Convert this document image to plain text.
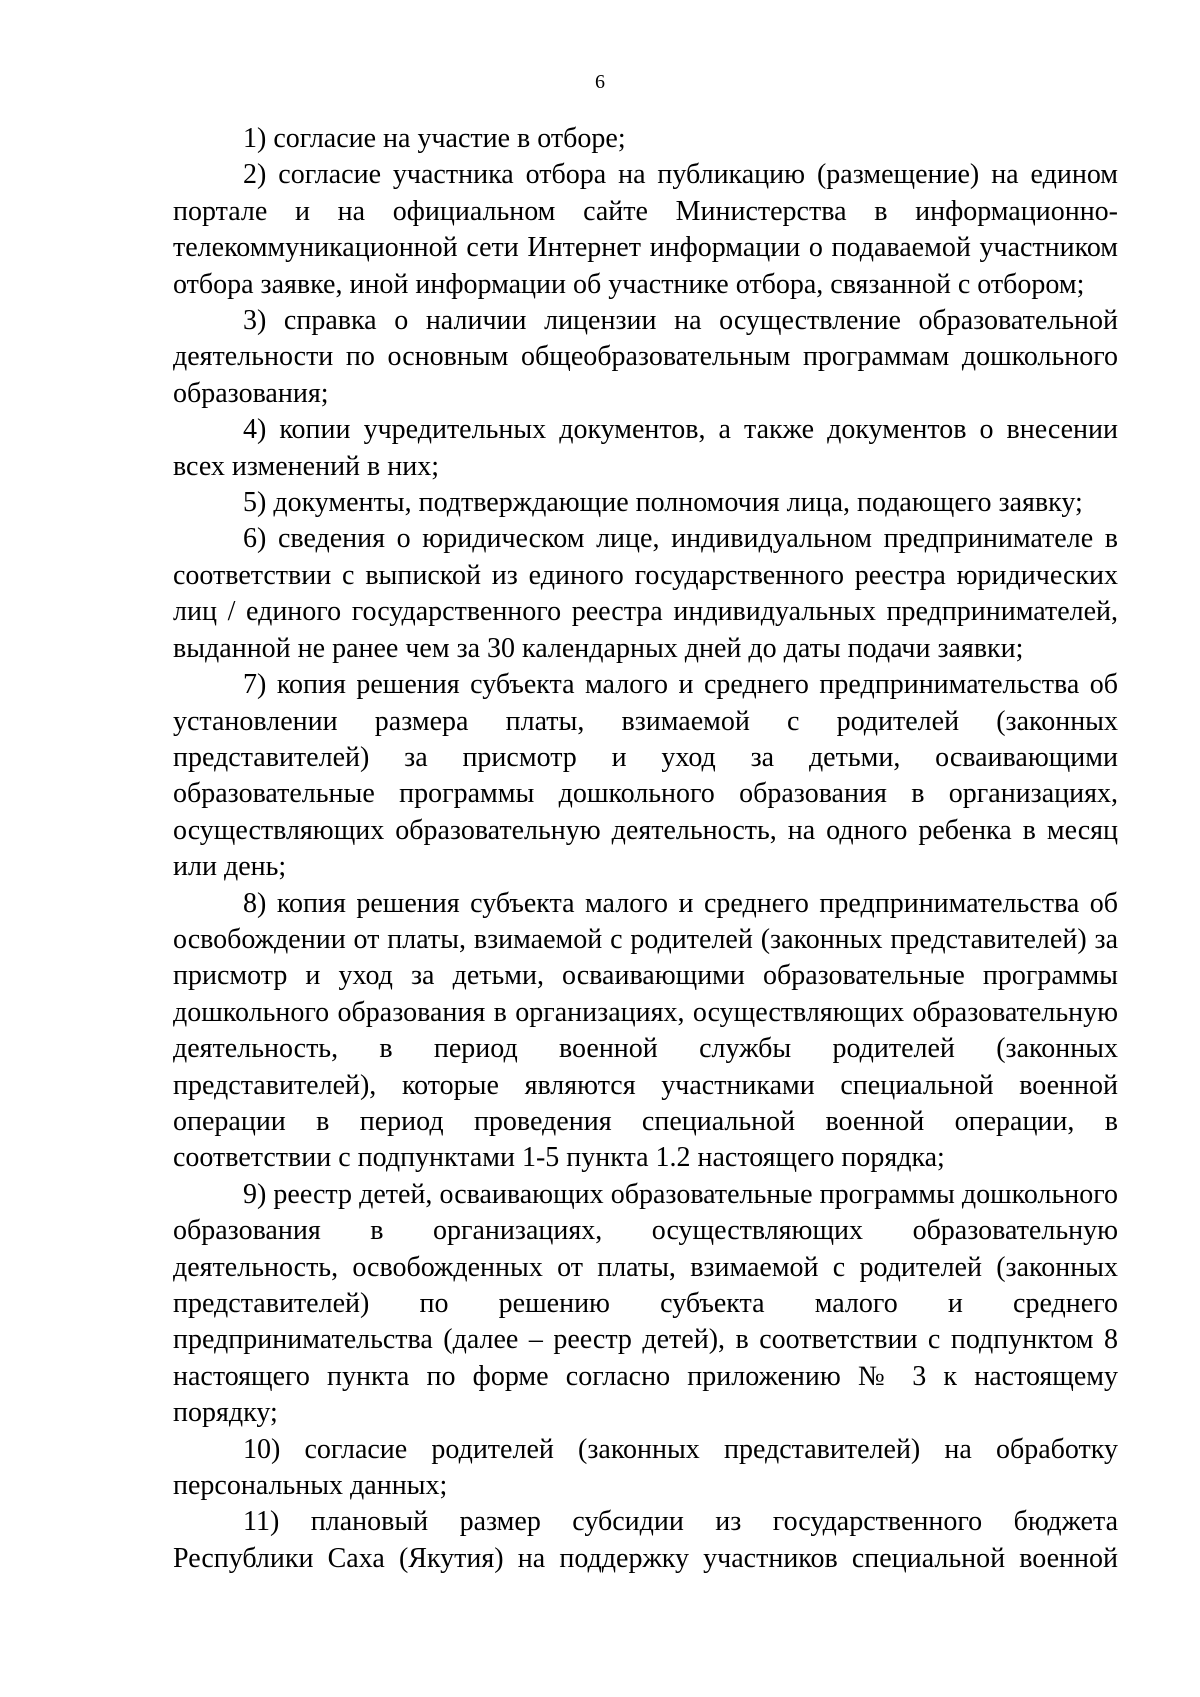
6

1) согласие на участие в отборе;

2) согласие участника отбора на публикацию (размещение) на едином портале и на официальном сайте Министерства в информационно-телекоммуникационной сети Интернет информации о подаваемой участником отбора заявке, иной информации об участнике отбора, связанной с отбором;

3) справка о наличии лицензии на осуществление образовательной деятельности по основным общеобразовательным программам дошкольного образования;

4) копии учредительных документов, а также документов о внесении всех изменений в них;

5) документы, подтверждающие полномочия лица, подающего заявку;

6) сведения о юридическом лице, индивидуальном предпринимателе в соответствии с выпиской из единого государственного реестра юридических лиц / единого государственного реестра индивидуальных предпринимателей, выданной не ранее чем за 30 календарных дней до даты подачи заявки;

7) копия решения субъекта малого и среднего предпринимательства об установлении размера платы, взимаемой с родителей (законных представителей) за присмотр и уход за детьми, осваивающими образовательные программы дошкольного образования в организациях, осуществляющих образовательную деятельность, на одного ребенка в месяц или день;

8) копия решения субъекта малого и среднего предпринимательства об освобождении от платы, взимаемой с родителей (законных представителей) за присмотр и уход за детьми, осваивающими образовательные программы дошкольного образования в организациях, осуществляющих образовательную деятельность, в период военной службы родителей (законных представителей), которые являются участниками специальной военной операции в период проведения специальной военной операции, в соответствии с подпунктами 1-5 пункта 1.2 настоящего порядка;

9) реестр детей, осваивающих образовательные программы дошкольного образования в организациях, осуществляющих образовательную деятельность, освобожденных от платы, взимаемой с родителей (законных представителей) по решению субъекта малого и среднего предпринимательства (далее – реестр детей), в соответствии с подпунктом 8 настоящего пункта по форме согласно приложению № 3 к настоящему порядку;

10) согласие родителей (законных представителей) на обработку персональных данных;

11) плановый размер субсидии из государственного бюджета Республики Саха (Якутия) на поддержку участников специальной военной
